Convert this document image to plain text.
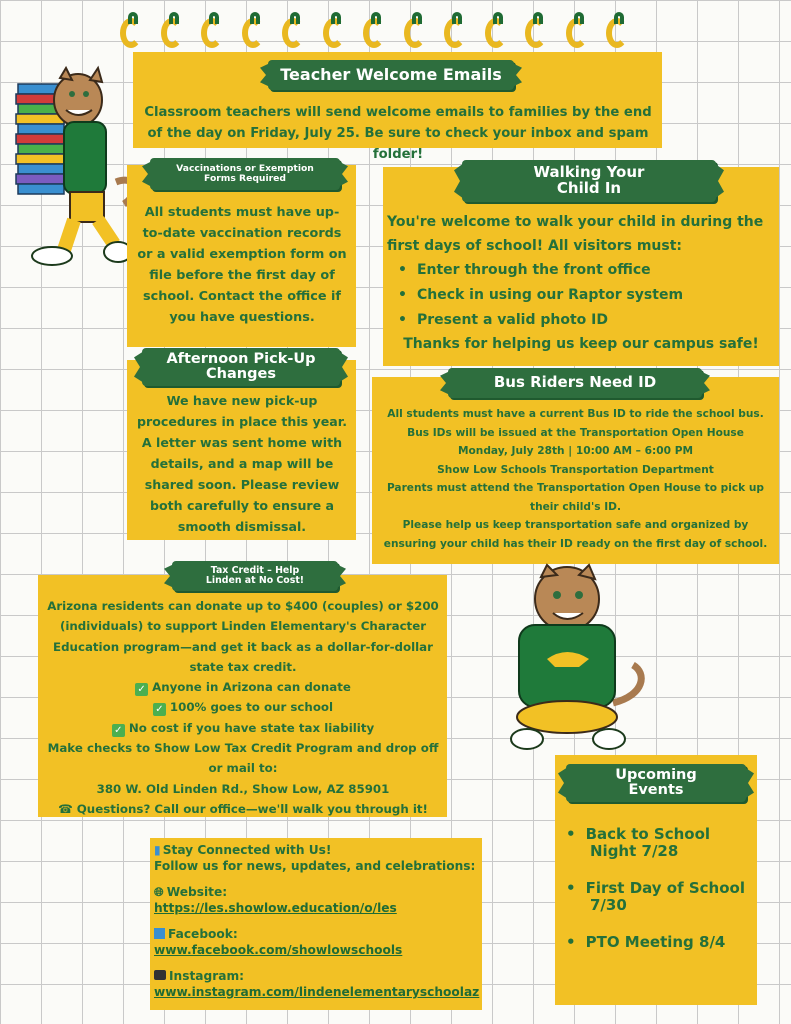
Teacher Welcome Emails
Classroom teachers will send welcome emails to families by the end of the day on Friday, July 25. Be sure to check your inbox and spam folder!
Vaccinations or Exemption Forms Required
All students must have up-to-date vaccination records or a valid exemption form on file before the first day of school. Contact the office if you have questions.
Walking Your Child In
You're welcome to walk your child in during the first days of school! All visitors must:
• Enter through the front office
• Check in using our Raptor system
• Present a valid photo ID
Thanks for helping us keep our campus safe!
Afternoon Pick-Up Changes
We have new pick-up procedures in place this year. A letter was sent home with details, and a map will be shared soon. Please review both carefully to ensure a smooth dismissal.
Bus Riders Need ID
All students must have a current Bus ID to ride the school bus.
Bus IDs will be issued at the Transportation Open House
Monday, July 28th | 10:00 AM – 6:00 PM
Show Low Schools Transportation Department
Parents must attend the Transportation Open House to pick up their child's ID.
Please help us keep transportation safe and organized by ensuring your child has their ID ready on the first day of school.
Tax Credit – Help Linden at No Cost!
Arizona residents can donate up to $400 (couples) or $200 (individuals) to support Linden Elementary's Character Education program—and get it back as a dollar-for-dollar state tax credit.
✓ Anyone in Arizona can donate
✓ 100% goes to our school
✓ No cost if you have state tax liability
Make checks to Show Low Tax Credit Program and drop off or mail to:
380 W. Old Linden Rd., Show Low, AZ 85901
☎ Questions? Call our office—we'll walk you through it!
▮ Stay Connected with Us!
Follow us for news, updates, and celebrations:
🌐︎ Website:
https://les.showlow.education/o/les
Facebook:
www.facebook.com/showlowschools
Instagram:
www.instagram.com/lindenelementaryschoolaz
Upcoming Events
• Back to School Night 7/28
• First Day of School 7/30
• PTO Meeting 8/4
